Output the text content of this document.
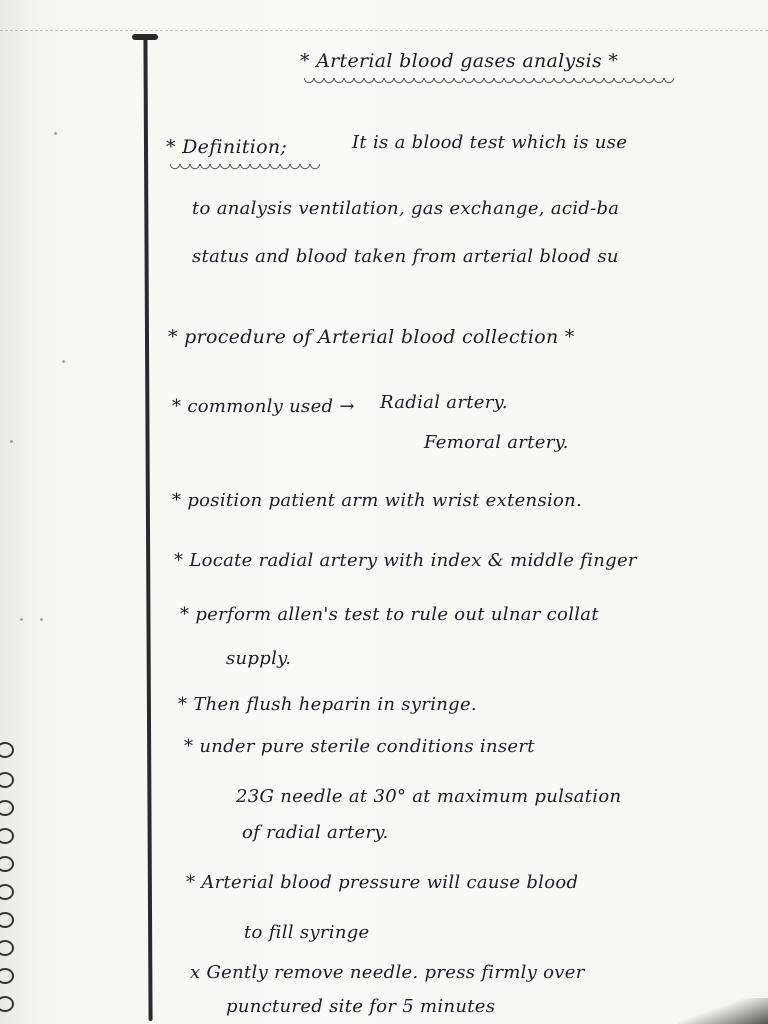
* Arterial blood gases analysis *
* Definition;	It is a blood test which is use
to analysis ventilation, gas exchange, acid-ba
status and blood taken from arterial blood su
* procedure of Arterial blood collection *
* commonly used → Radial artery.
Femoral artery.
* position patient arm with wrist extension.
* Locate radial artery with index & middle finger
* perform allen's test to rule out ulnar collat
supply.
* Then flush heparin in syringe.
* under pure sterile conditions insert
23G needle at 30° at maximum pulsation
of radial artery.
* Arterial blood pressure will cause blood
to fill syringe
x Gently remove needle. press firmly over
punctured site for 5 minutes
